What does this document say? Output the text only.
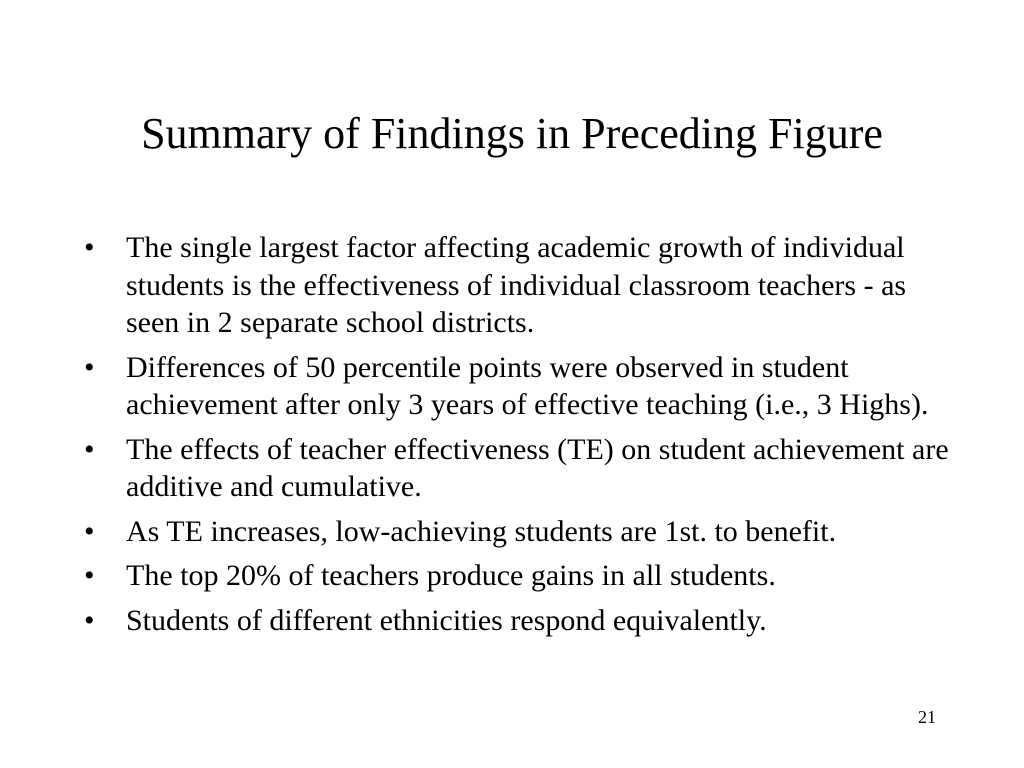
Summary of Findings in Preceding Figure
•	The single largest factor affecting academic growth of individual students is the effectiveness of individual classroom teachers - as seen in 2 separate school districts.
•	Differences of 50 percentile points were observed in student achievement after only 3 years of effective teaching (i.e., 3 Highs).
•	The effects of teacher effectiveness (TE) on student achievement are additive and cumulative.
•	As TE increases, low-achieving students are 1st. to benefit.
•	The top 20% of teachers produce gains in all students.
•	Students of different ethnicities respond equivalently.
21
